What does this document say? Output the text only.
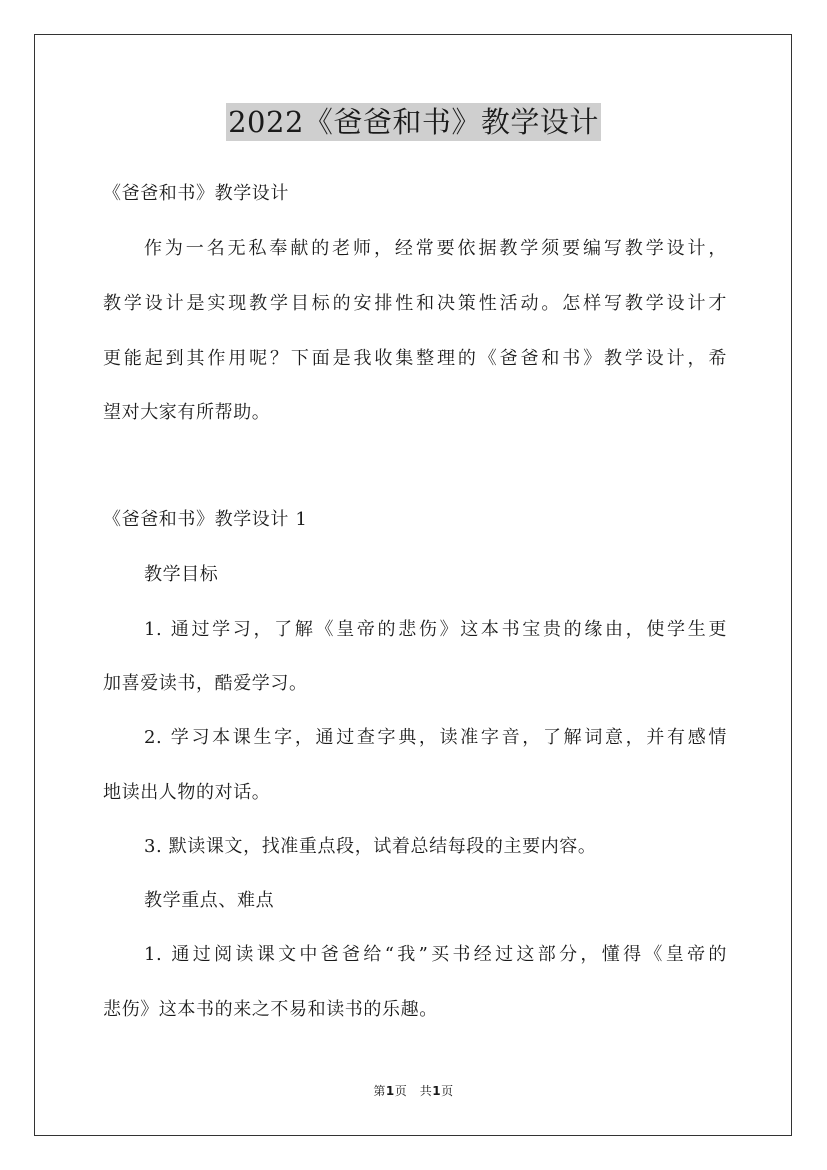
2022《爸爸和书》教学设计
《爸爸和书》教学设计
作为一名无私奉献的老师，经常要依据教学须要编写教学设计，
教学设计是实现教学目标的安排性和决策性活动。怎样写教学设计才
更能起到其作用呢？下面是我收集整理的《爸爸和书》教学设计，希
望对大家有所帮助。
《爸爸和书》教学设计 1
教学目标
1. 通过学习，了解《皇帝的悲伤》这本书宝贵的缘由，使学生更
加喜爱读书，酷爱学习。
2. 学习本课生字，通过查字典，读准字音，了解词意，并有感情
地读出人物的对话。
3. 默读课文，找准重点段，试着总结每段的主要内容。
教学重点、难点
1. 通过阅读课文中爸爸给“我”买书经过这部分，懂得《皇帝的
悲伤》这本书的来之不易和读书的乐趣。
第1页　共1页
